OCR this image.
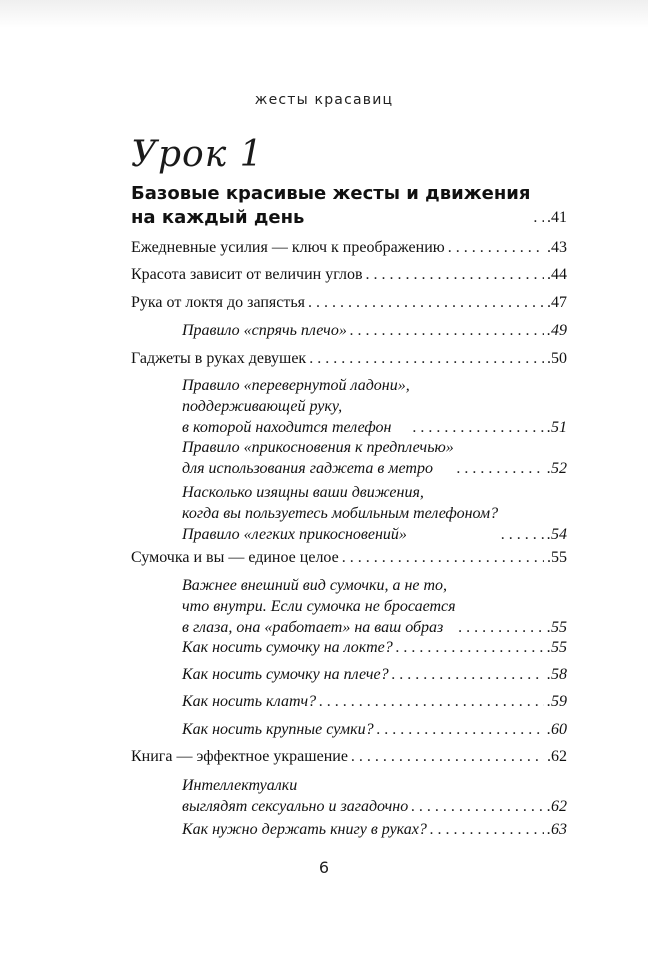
жесты красавиц
Урок 1
Базовые красивые жесты и движения
на каждый день . . .	.41
Ежедневные усилия — ключ к преображению . . .	.43
Красота зависит от величин углов . . .	.44
Рука от локтя до запястья . . .	.47
Правило «спрячь плечо» . . .	.49
Гаджеты в руках девушек . . .	.50
Правило «перевернутой ладони»,
поддерживающей руку,
в которой находится телефон . . .	.51
Правило «прикосновения к предплечью»
для использования гаджета в метро . . .	.52
Насколько изящны ваши движения,
когда вы пользуетесь мобильным телефоном?
Правило «легких прикосновений» . . .	.54
Сумочка и вы — единое целое . . .	.55
Важнее внешний вид сумочки, а не то,
что внутри. Если сумочка не бросается
в глаза, она «работает» на ваш образ . . .	.55
Как носить сумочку на локте? . . .	.55
Как носить сумочку на плече? . . .	.58
Как носить клатч? . . .	.59
Как носить крупные сумки? . . .	.60
Книга — эффектное украшение . . .	.62
Интеллектуалки
выглядят сексуально и загадочно . . .	.62
Как нужно держать книгу в руках? . . .	.63
6
